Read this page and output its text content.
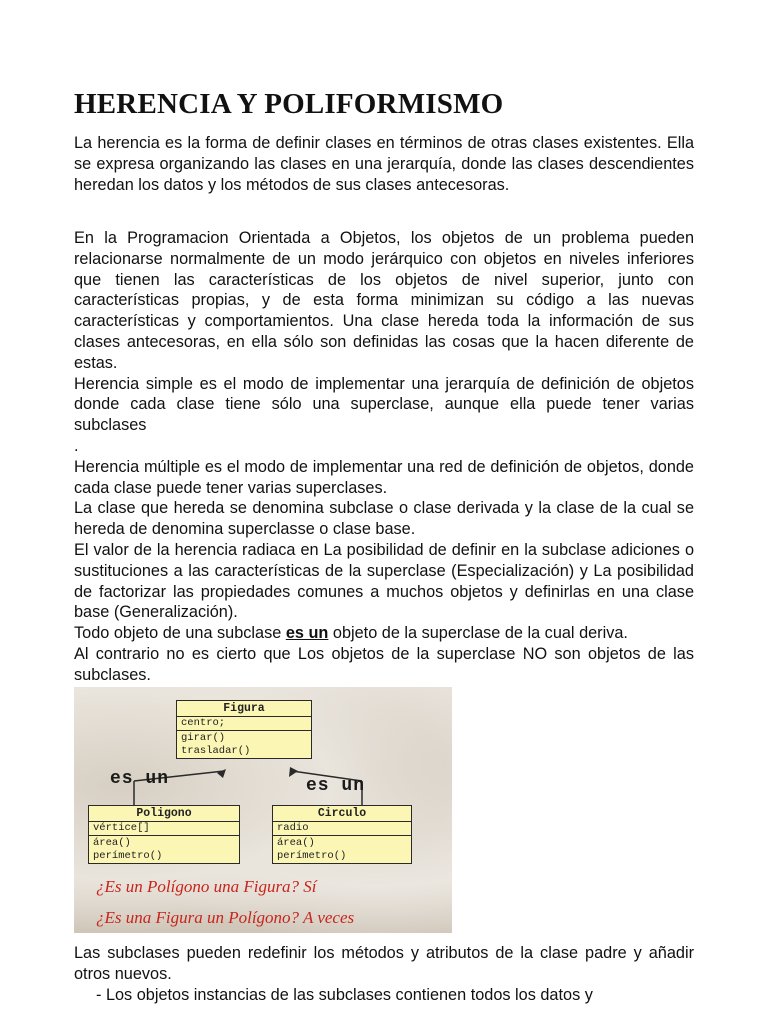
HERENCIA Y POLIFORMISMO

La herencia es la forma de definir clases en términos de otras clases existentes. Ella se expresa organizando las clases en una jerarquía, donde las clases descendientes heredan los datos y los métodos de sus clases antecesoras.

En la Programacion Orientada a Objetos, los objetos de un problema pueden relacionarse normalmente de un modo jerárquico con objetos en niveles inferiores que tienen las características de los objetos de nivel superior, junto con características propias, y de esta forma minimizan su código a las nuevas características y comportamientos. Una clase hereda toda la información de sus clases antecesoras, en ella sólo son definidas las cosas que la hacen diferente de estas.

Herencia simple es el modo de implementar una jerarquía de definición de objetos donde cada clase tiene sólo una superclase, aunque ella puede tener varias subclases

.

Herencia múltiple es el modo de implementar una red de definición de objetos, donde cada clase puede tener varias superclases.

La clase que hereda se denomina subclase o clase derivada y la clase de la cual se hereda de denomina superclasse o clase base.

El valor de la herencia radiaca en La posibilidad de definir en la subclase adiciones o sustituciones a las características de la superclase (Especialización) y La posibilidad de factorizar las propiedades comunes a muchos objetos y definirlas en una clase base (Generalización).

Todo objeto de una subclase es un objeto de la superclase de la cual deriva.

Al contrario no es cierto que Los objetos de la superclase NO son objetos de las subclases.

Figura
centro;
girar()
trasladar()
es un	es un
Poligono
vértice[]
área()
perímetro()
Circulo
radio
área()
perímetro()
¿Es un Polígono una Figura? Sí
¿Es una Figura un Polígono? A veces

Las subclases pueden redefinir los métodos y atributos de la clase padre y añadir otros nuevos.

- Los objetos instancias de las subclases contienen todos los datos y
